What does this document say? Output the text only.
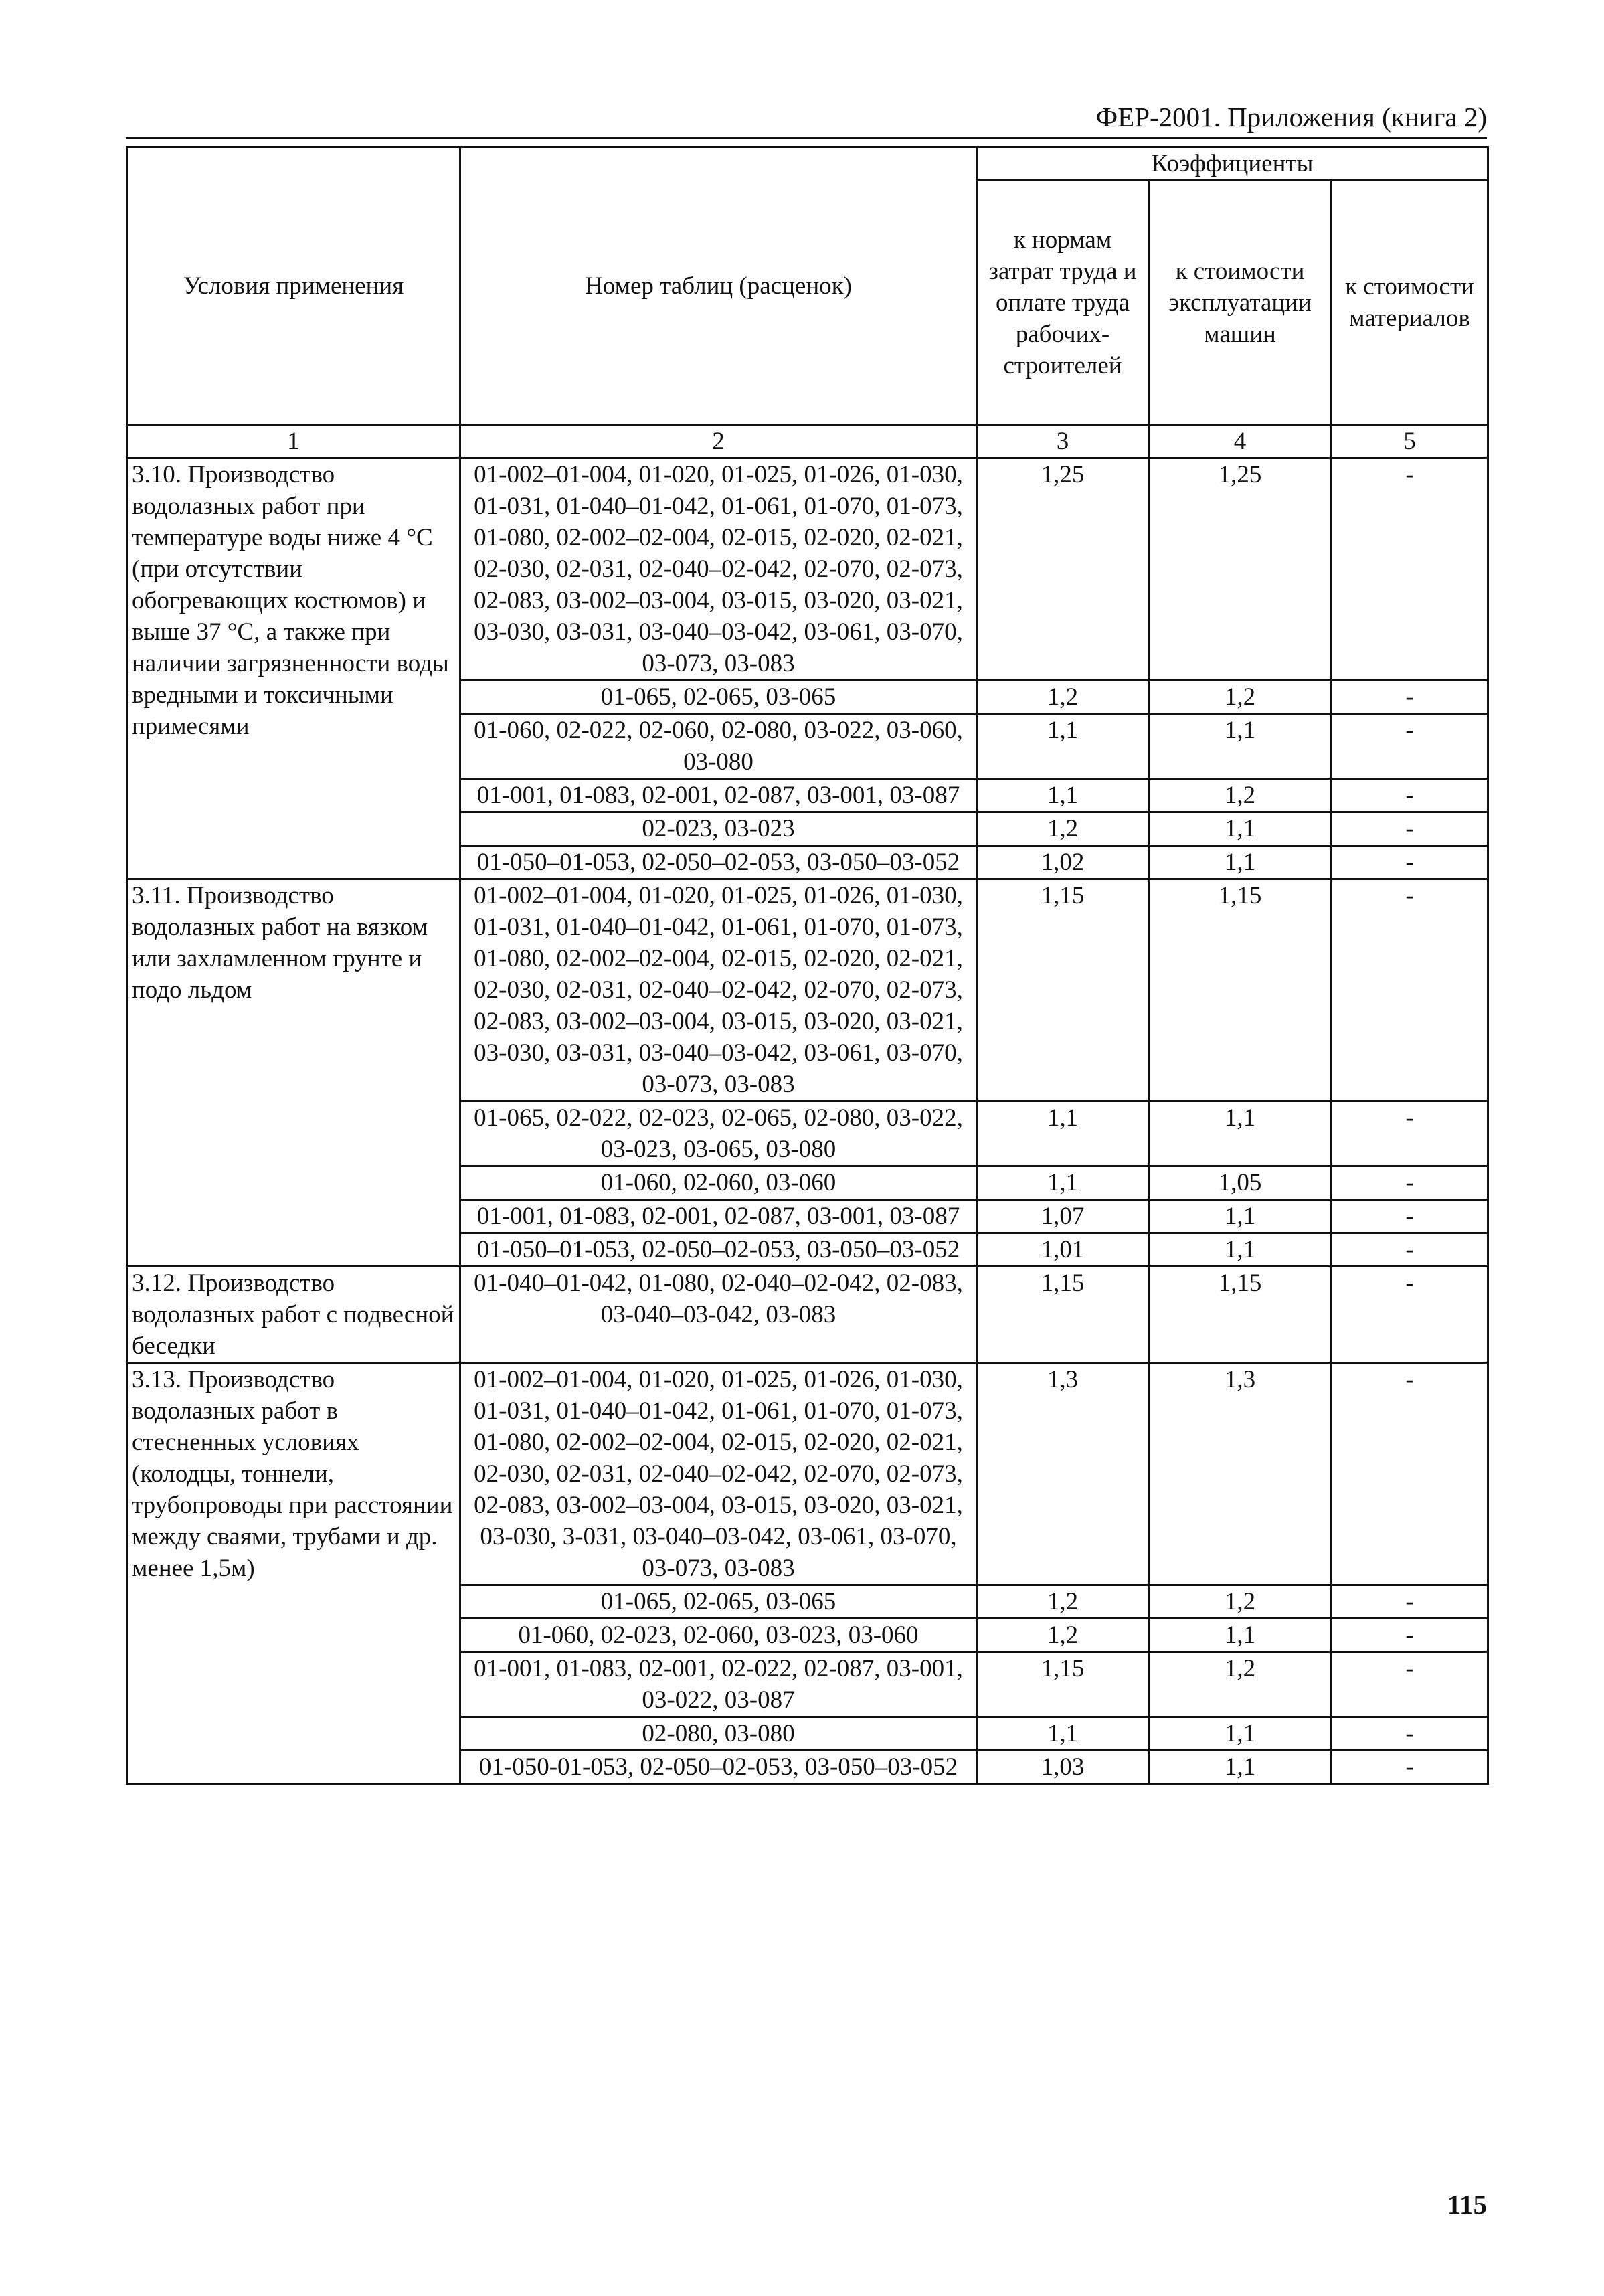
ФЕР-2001. Приложения (книга 2)
Условия применения	Номер таблиц (расценок)	Коэффициенты		
		к нормам затрат труда и оплате труда рабочих-строителей	к стоимости эксплуатации машин	к стоимости материалов
1	2	3	4	5
3.10. Производство водолазных работ при температуре воды ниже 4 °С (при отсутствии обогревающих костюмов) и выше 37 °С, а также при наличии загрязненности воды вредными и токсичными примесями	01-002–01-004, 01-020, 01-025, 01-026, 01-030, 01-031, 01-040–01-042, 01-061, 01-070, 01-073, 01-080, 02-002–02-004, 02-015, 02-020, 02-021, 02-030, 02-031, 02-040–02-042, 02-070, 02-073, 02-083, 03-002–03-004, 03-015, 03-020, 03-021, 03-030, 03-031, 03-040–03-042, 03-061, 03-070, 03-073, 03-083	1,25	1,25	-
	01-065, 02-065, 03-065	1,2	1,2	-
	01-060, 02-022, 02-060, 02-080, 03-022, 03-060, 03-080	1,1	1,1	-
	01-001, 01-083, 02-001, 02-087, 03-001, 03-087	1,1	1,2	-
	02-023, 03-023	1,2	1,1	-
	01-050–01-053, 02-050–02-053, 03-050–03-052	1,02	1,1	-
3.11. Производство водолазных работ на вязком или захламленном грунте и подо льдом	01-002–01-004, 01-020, 01-025, 01-026, 01-030, 01-031, 01-040–01-042, 01-061, 01-070, 01-073, 01-080, 02-002–02-004, 02-015, 02-020, 02-021, 02-030, 02-031, 02-040–02-042, 02-070, 02-073, 02-083, 03-002–03-004, 03-015, 03-020, 03-021, 03-030, 03-031, 03-040–03-042, 03-061, 03-070, 03-073, 03-083	1,15	1,15	-
	01-065, 02-022, 02-023, 02-065, 02-080, 03-022, 03-023, 03-065, 03-080	1,1	1,1	-
	01-060, 02-060, 03-060	1,1	1,05	-
	01-001, 01-083, 02-001, 02-087, 03-001, 03-087	1,07	1,1	-
	01-050–01-053, 02-050–02-053, 03-050–03-052	1,01	1,1	-
3.12. Производство водолазных работ с подвесной беседки	01-040–01-042, 01-080, 02-040–02-042, 02-083, 03-040–03-042, 03-083	1,15	1,15	-
3.13. Производство водолазных работ в стесненных условиях (колодцы, тоннели, трубопроводы при расстоянии между сваями, трубами и др. менее 1,5м)	01-002–01-004, 01-020, 01-025, 01-026, 01-030, 01-031, 01-040–01-042, 01-061, 01-070, 01-073, 01-080, 02-002–02-004, 02-015, 02-020, 02-021, 02-030, 02-031, 02-040–02-042, 02-070, 02-073, 02-083, 03-002–03-004, 03-015, 03-020, 03-021, 03-030, 3-031, 03-040–03-042, 03-061, 03-070, 03-073, 03-083	1,3	1,3	-
	01-065, 02-065, 03-065	1,2	1,2	-
	01-060, 02-023, 02-060, 03-023, 03-060	1,2	1,1	-
	01-001, 01-083, 02-001, 02-022, 02-087, 03-001, 03-022, 03-087	1,15	1,2	-
	02-080, 03-080	1,1	1,1	-
	01-050-01-053, 02-050–02-053, 03-050–03-052	1,03	1,1	-
115
